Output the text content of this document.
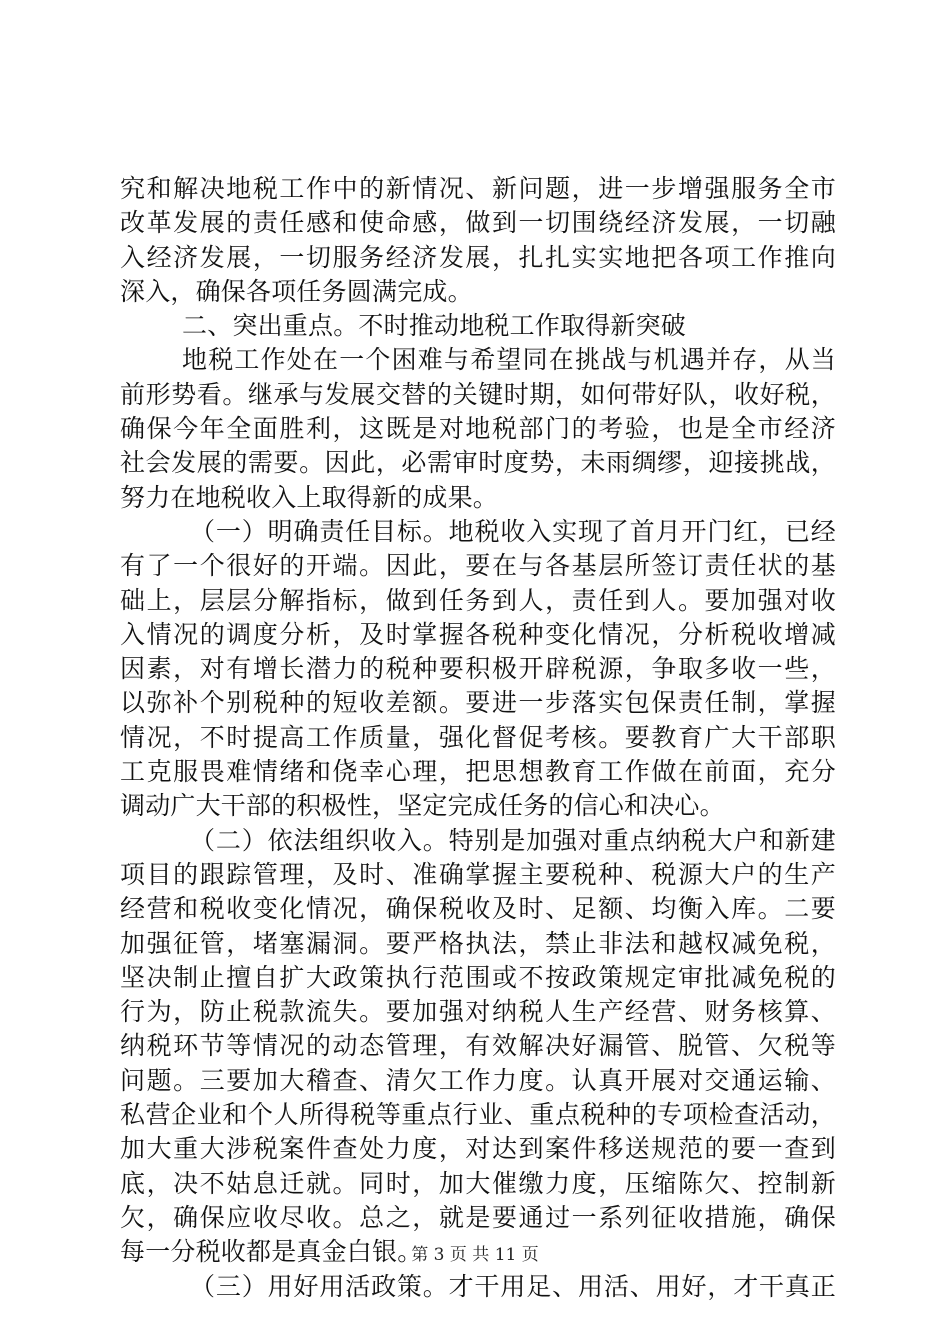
究和解决地税工作中的新情况、新问题，进一步增强服务全市
改革发展的责任感和使命感，做到一切围绕经济发展，一切融
入经济发展，一切服务经济发展，扎扎实实地把各项工作推向
深入，确保各项任务圆满完成。
二、突出重点。不时推动地税工作取得新突破
地税工作处在一个困难与希望同在挑战与机遇并存，从当
前形势看。继承与发展交替的关键时期，如何带好队，收好税，
确保今年全面胜利，这既是对地税部门的考验，也是全市经济
社会发展的需要。因此，必需审时度势，未雨绸缪，迎接挑战，
努力在地税收入上取得新的成果。
（一）明确责任目标。地税收入实现了首月开门红，已经
有了一个很好的开端。因此，要在与各基层所签订责任状的基
础上，层层分解指标，做到任务到人，责任到人。要加强对收
入情况的调度分析，及时掌握各税种变化情况，分析税收增减
因素，对有增长潜力的税种要积极开辟税源，争取多收一些，
以弥补个别税种的短收差额。要进一步落实包保责任制，掌握
情况，不时提高工作质量，强化督促考核。要教育广大干部职
工克服畏难情绪和侥幸心理，把思想教育工作做在前面，充分
调动广大干部的积极性，坚定完成任务的信心和决心。
（二）依法组织收入。特别是加强对重点纳税大户和新建
项目的跟踪管理，及时、准确掌握主要税种、税源大户的生产
经营和税收变化情况，确保税收及时、足额、均衡入库。二要
加强征管，堵塞漏洞。要严格执法，禁止非法和越权减免税，
坚决制止擅自扩大政策执行范围或不按政策规定审批减免税的
行为，防止税款流失。要加强对纳税人生产经营、财务核算、
纳税环节等情况的动态管理，有效解决好漏管、脱管、欠税等
问题。三要加大稽查、清欠工作力度。认真开展对交通运输、
私营企业和个人所得税等重点行业、重点税种的专项检查活动，
加大重大涉税案件查处力度，对达到案件移送规范的要一查到
底，决不姑息迁就。同时，加大催缴力度，压缩陈欠、控制新
欠，确保应收尽收。总之，就是要通过一系列征收措施，确保
每一分税收都是真金白银。
（三）用好用活政策。才干用足、用活、用好，才干真正
第 3 页 共 11 页
